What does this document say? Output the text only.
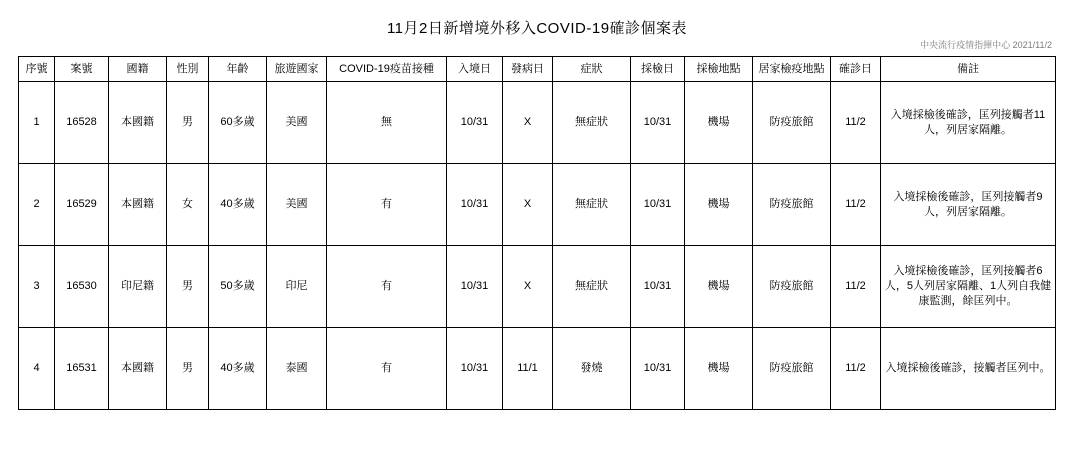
11月2日新增境外移入COVID-19確診個案表
中央流行疫情指揮中心 2021/11/2
序號	案號	國籍	性別	年齡	旅遊國家	COVID-19疫苗接種	入境日	發病日	症狀	採檢日	採檢地點	居家檢疫地點	確診日	備註
1	16528	本國籍	男	60多歲	美國	無	10/31	X	無症狀	10/31	機場	防疫旅館	11/2	入境採檢後確診，匡列接觸者11人，列居家隔離。
2	16529	本國籍	女	40多歲	美國	有	10/31	X	無症狀	10/31	機場	防疫旅館	11/2	入境採檢後確診，匡列接觸者9人，列居家隔離。
3	16530	印尼籍	男	50多歲	印尼	有	10/31	X	無症狀	10/31	機場	防疫旅館	11/2	入境採檢後確診，匡列接觸者6人，5人列居家隔離、1人列自我健康監測，餘匡列中。
4	16531	本國籍	男	40多歲	泰國	有	10/31	11/1	發燒	10/31	機場	防疫旅館	11/2	入境採檢後確診，接觸者匡列中。
